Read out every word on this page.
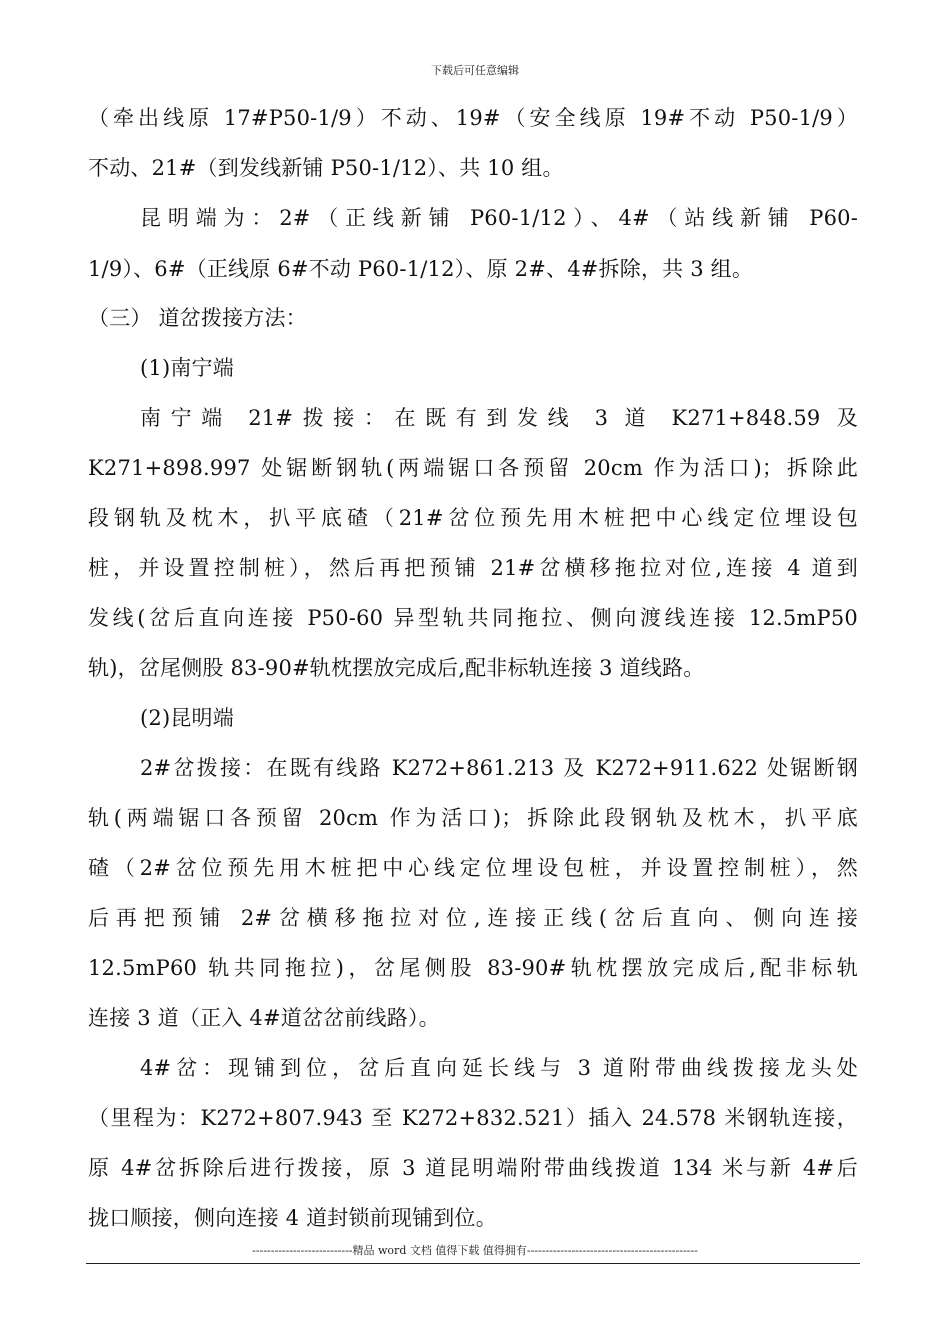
下载后可任意编辑
（牵出线原 17#P50-1/9）不动、19#（安全线原 19#不动 P50-1/9）
不动、21#（到发线新铺 P50-1/12）、共 10 组。
昆明端为：2#（正线新铺 P60-1/12）、4#（站线新铺 P60-
1/9）、6#（正线原 6#不动 P60-1/12）、原 2#、4#拆除，共 3 组。
（三） 道岔拨接方法：
(1)南宁端
南宁端 21#拨接：在既有到发线 3 道 K271+848.59 及
K271+898.997 处锯断钢轨(两端锯口各预留 20cm 作为活口)；拆除此
段钢轨及枕木，扒平底碴（21#岔位预先用木桩把中心线定位埋设包
桩，并设置控制桩），然后再把预铺 21#岔横移拖拉对位,连接 4 道到
发线(岔后直向连接 P50-60 异型轨共同拖拉、侧向渡线连接 12.5mP50
轨)，岔尾侧股 83-90#轨枕摆放完成后,配非标轨连接 3 道线路。
(2)昆明端
2#岔拨接：在既有线路 K272+861.213 及 K272+911.622 处锯断钢
轨(两端锯口各预留 20cm 作为活口)；拆除此段钢轨及枕木，扒平底
碴（2#岔位预先用木桩把中心线定位埋设包桩，并设置控制桩），然
后再把预铺 2#岔横移拖拉对位,连接正线(岔后直向、侧向连接
12.5mP60 轨共同拖拉)，岔尾侧股 83-90#轨枕摆放完成后,配非标轨
连接 3 道（正入 4#道岔岔前线路）。
4#岔：现铺到位，岔后直向延长线与 3 道附带曲线拨接龙头处
（里程为：K272+807.943 至 K272+832.521）插入 24.578 米钢轨连接，
原 4#岔拆除后进行拨接，原 3 道昆明端附带曲线拨道 134 米与新 4#后
拢口顺接，侧向连接 4 道封锁前现铺到位。
---------------------------精品 word 文档 值得下载 值得拥有----------------------------------------------
